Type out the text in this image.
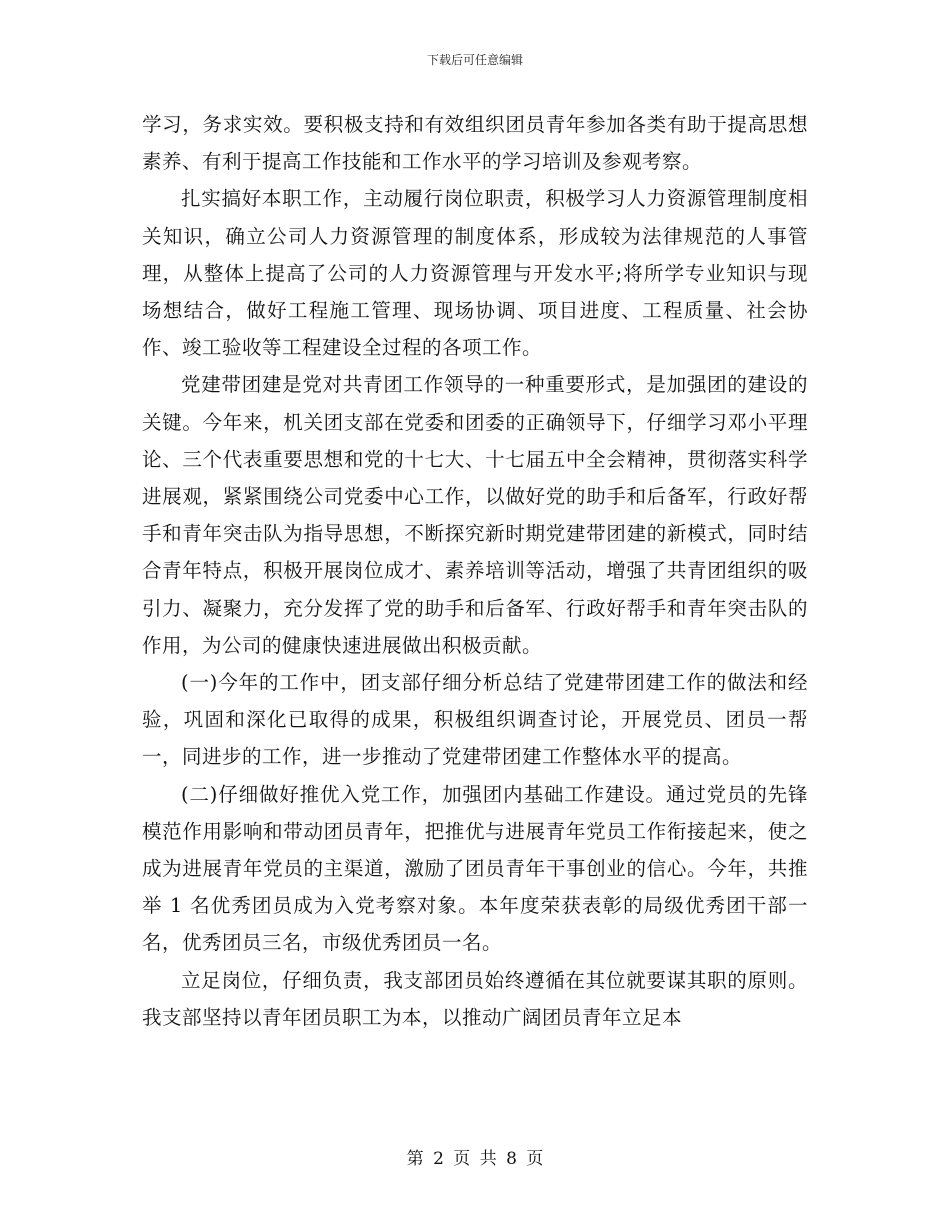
下载后可任意编辑

学习，务求实效。要积极支持和有效组织团员青年参加各类有助于提高思想素养、有利于提高工作技能和工作水平的学习培训及参观考察。

扎实搞好本职工作，主动履行岗位职责，积极学习人力资源管理制度相关知识，确立公司人力资源管理的制度体系，形成较为法律规范的人事管理，从整体上提高了公司的人力资源管理与开发水平;将所学专业知识与现场想结合，做好工程施工管理、现场协调、项目进度、工程质量、社会协作、竣工验收等工程建设全过程的各项工作。

党建带团建是党对共青团工作领导的一种重要形式，是加强团的建设的关键。今年来，机关团支部在党委和团委的正确领导下，仔细学习邓小平理论、三个代表重要思想和党的十七大、十七届五中全会精神，贯彻落实科学进展观，紧紧围绕公司党委中心工作，以做好党的助手和后备军，行政好帮手和青年突击队为指导思想，不断探究新时期党建带团建的新模式，同时结合青年特点，积极开展岗位成才、素养培训等活动，增强了共青团组织的吸引力、凝聚力，充分发挥了党的助手和后备军、行政好帮手和青年突击队的作用，为公司的健康快速进展做出积极贡献。

(一)今年的工作中，团支部仔细分析总结了党建带团建工作的做法和经验，巩固和深化已取得的成果，积极组织调查讨论，开展党员、团员一帮一，同进步的工作，进一步推动了党建带团建工作整体水平的提高。

(二)仔细做好推优入党工作，加强团内基础工作建设。通过党员的先锋模范作用影响和带动团员青年，把推优与进展青年党员工作衔接起来，使之成为进展青年党员的主渠道，激励了团员青年干事创业的信心。今年，共推举 1 名优秀团员成为入党考察对象。本年度荣获表彰的局级优秀团干部一名，优秀团员三名，市级优秀团员一名。

立足岗位，仔细负责，我支部团员始终遵循在其位就要谋其职的原则。我支部坚持以青年团员职工为本，以推动广阔团员青年立足本

第 2 页 共 8 页
